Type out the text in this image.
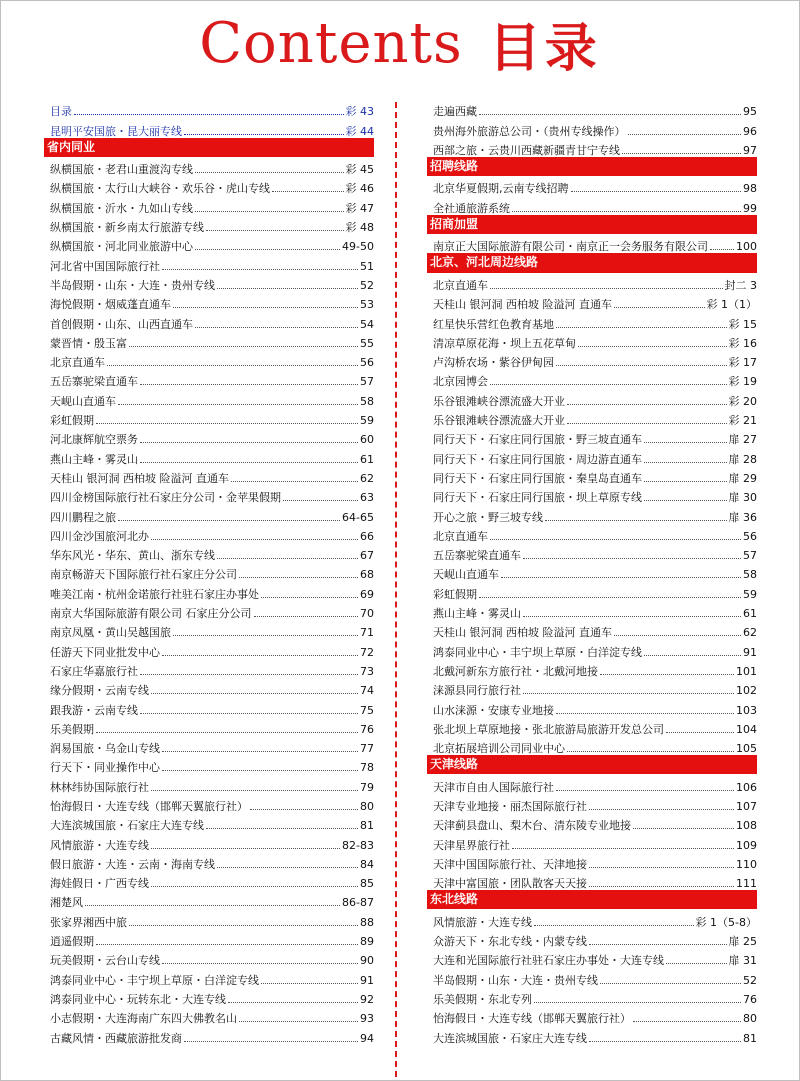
Contents 目录
目录	彩 43
昆明平安国旅・昆大丽专线	彩 44
省内同业
纵横国旅・老君山重渡沟专线	彩 45
纵横国旅・太行山大峡谷・欢乐谷・虎山专线	彩 46
纵横国旅・沂水・九如山专线	彩 47
纵横国旅・新乡南太行旅游专线	彩 48
纵横国旅・河北同业旅游中心	49-50
河北省中国国际旅行社	51
半岛假期・山东・大连・贵州专线	52
海悦假期・烟威蓬直通车	53
首创假期・山东、山西直通车	54
蒙晋情・殷玉富	55
北京直通车	56
五岳寨驼梁直通车	57
天岘山直通车	58
彩虹假期	59
河北康辉航空票务	60
燕山主峰・雾灵山	61
天桂山 银河洞 西柏坡 险溢河 直通车	62
四川金榜国际旅行社石家庄分公司・金苹果假期	63
四川鹏程之旅	64-65
四川金沙国旅河北办	66
华东风光・华东、黄山、浙东专线	67
南京畅游天下国际旅行社石家庄分公司	68
唯美江南・杭州金诺旅行社驻石家庄办事处	69
南京大华国际旅游有限公司 石家庄分公司	70
南京凤凰・黄山吴越国旅	71
任游天下同业批发中心	72
石家庄华嘉旅行社	73
缘分假期・云南专线	74
跟我游・云南专线	75
乐美假期	76
润易国旅・乌金山专线	77
行天下・同业操作中心	78
林林纬协国际旅行社	79
怡海假日・大连专线（邯郸天翼旅行社）	80
大连滨城国旅・石家庄大连专线	81
风情旅游・大连专线	82-83
假日旅游・大连・云南・海南专线	84
海娃假日・广西专线	85
湘楚风	86-87
张家界湘西中旅	88
逍遥假期	89
玩美假期・云台山专线	90
鸿泰同业中心・丰宁坝上草原・白洋淀专线	91
鸿泰同业中心・玩转东北・大连专线	92
小志假期・大连海南广东四大佛教名山	93
古藏风情・西藏旅游批发商	94
走遍西藏	95
贵州海外旅游总公司・（贵州专线操作）	96
西部之旅・云贵川西藏新疆青甘宁专线	97
招聘线路
北京华夏假期,云南专线招聘	98
全社通旅游系统	99
招商加盟
南京正大国际旅游有限公司・南京正一会务服务有限公司	100
北京、河北周边线路
北京直通车	封二 3
天桂山 银河洞 西柏坡 险溢河 直通车	彩 1（1）
红星快乐营红色教育基地	彩 15
清凉草原花海・坝上五花草甸	彩 16
卢沟桥农场・紫谷伊甸园	彩 17
北京园博会	彩 19
乐谷银滩峡谷漂流盛大开业	彩 20
乐谷银滩峡谷漂流盛大开业	彩 21
同行天下・石家庄同行国旅・野三坡直通车	扉 27
同行天下・石家庄同行国旅・周边游直通车	扉 28
同行天下・石家庄同行国旅・秦皇岛直通车	扉 29
同行天下・石家庄同行国旅・坝上草原专线	扉 30
开心之旅・野三坡专线	扉 36
北京直通车	56
五岳寨驼梁直通车	57
天岘山直通车	58
彩虹假期	59
燕山主峰・雾灵山	61
天桂山 银河洞 西柏坡 险溢河 直通车	62
鸿泰同业中心・丰宁坝上草原・白洋淀专线	91
北戴河新东方旅行社・北戴河地接	101
涞源县同行旅行社	102
山水涞源・安康专业地接	103
张北坝上草原地接・张北旅游局旅游开发总公司	104
北京拓展培训公司同业中心	105
天津线路
天津市自由人国际旅行社	106
天津专业地接・丽杰国际旅行社	107
天津蓟县盘山、梨木台、清东陵专业地接	108
天津星界旅行社	109
天津中国国际旅行社、天津地接	110
天津中富国旅・团队散客天天接	111
东北线路
风情旅游・大连专线	彩 1（5-8）
众游天下・东北专线・内蒙专线	扉 25
大连和光国际旅行社驻石家庄办事处・大连专线	扉 31
半岛假期・山东・大连・贵州专线	52
乐美假期・东北专列	76
怡海假日・大连专线（邯郸天翼旅行社）	80
大连滨城国旅・石家庄大连专线	81
